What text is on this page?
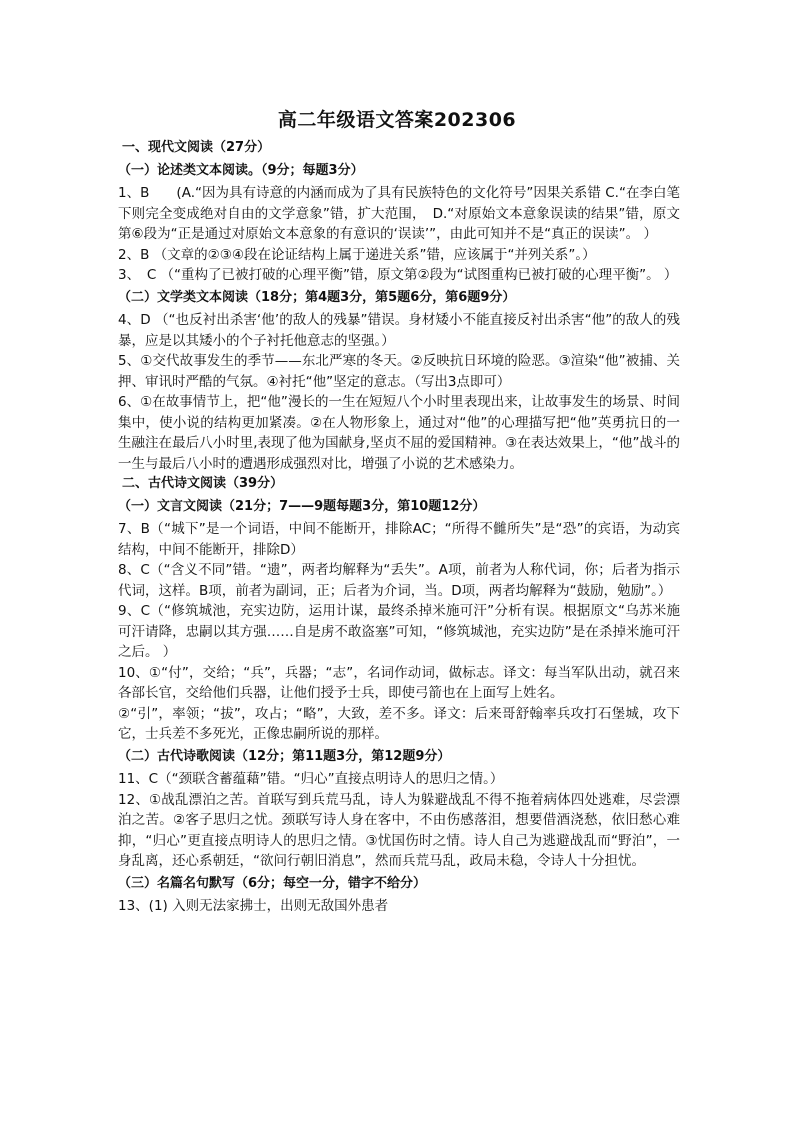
高二年级语文答案202306

一、现代文阅读（27分）

（一）论述类文本阅读。（9分；每题3分）

1、B　　(A.“因为具有诗意的内涵而成为了具有民族特色的文化符号”因果关系错 C.“在李白笔下则完全变成绝对自由的文学意象”错，扩大范围，　D.“对原始文本意象误读的结果”错，原文第⑥段为“正是通过对原始文本意象的有意识的‘误读’”，由此可知并不是“真正的误读”。 ）

2、B （文章的②③④段在论证结构上属于递进关系”错，应该属于“并列关系”。）

3、　C （“重构了已被打破的心理平衡”错，原文第②段为“试图重构已被打破的心理平衡”。 ）

（二）文学类文本阅读（18分；第4题3分，第5题6分，第6题9分）

4、D （“也反衬出杀害‘他’的敌人的残暴”错误。身材矮小不能直接反衬出杀害“他”的敌人的残暴，应是以其矮小的个子衬托他意志的坚强。）

5、①交代故事发生的季节——东北严寒的冬天。②反映抗日环境的险恶。③渲染“他”被捕、关押、审讯时严酷的气氛。④衬托“他”坚定的意志。（写出3点即可）

6、①在故事情节上，把“他”漫长的一生在短短八个小时里表现出来，让故事发生的场景、时间集中，使小说的结构更加紧凑。②在人物形象上，通过对“他”的心理描写把“他”英勇抗日的一生融注在最后八小时里,表现了他为国献身,坚贞不屈的爱国精神。③在表达效果上，“他”战斗的一生与最后八小时的遭遇形成强烈对比，增强了小说的艺术感染力。

二、古代诗文阅读（39分）

（一）文言文阅读（21分；7——9题每题3分，第10题12分）

7、B（“城下”是一个词语，中间不能断开，排除AC；“所得不雠所失”是“恐”的宾语，为动宾结构，中间不能断开，排除D）

8、C（“含义不同”错。“遗”，两者均解释为“丢失”。A项，前者为人称代词，你；后者为指示代词，这样。B项，前者为副词，正；后者为介词，当。D项，两者均解释为“鼓励，勉励”。）

9、C（“修筑城池，充实边防，运用计谋，最终杀掉米施可汗”分析有误。根据原文“乌苏米施可汗请降，忠嗣以其方强……自是虏不敢盗塞”可知，“修筑城池，充实边防”是在杀掉米施可汗之后。 ）

10、①“付”，交给；“兵”，兵器；“志”，名词作动词，做标志。译文：每当军队出动，就召来各部长官，交给他们兵器，让他们授予士兵，即使弓箭也在上面写上姓名。

②“引”，率领；“拔”，攻占；“略”，大致，差不多。译文：后来哥舒翰率兵攻打石堡城，攻下它，士兵差不多死光，正像忠嗣所说的那样。

（二）古代诗歌阅读（12分；第11题3分，第12题9分）

11、C（“颈联含蓄蕴藉”错。“归心”直接点明诗人的思归之情。）

12、①战乱漂泊之苦。首联写到兵荒马乱，诗人为躲避战乱不得不拖着病体四处逃难，尽尝漂泊之苦。②客子思归之忧。颈联写诗人身在客中，不由伤感落泪，想要借酒浇愁，依旧愁心难抑，“归心”更直接点明诗人的思归之情。③忧国伤时之情。诗人自己为逃避战乱而“野泊”，一身乱离，还心系朝廷，“欲问行朝旧消息”，然而兵荒马乱，政局未稳，令诗人十分担忧。

（三）名篇名句默写（6分；每空一分，错字不给分）

13、(1) 入则无法家拂士，出则无敌国外患者
